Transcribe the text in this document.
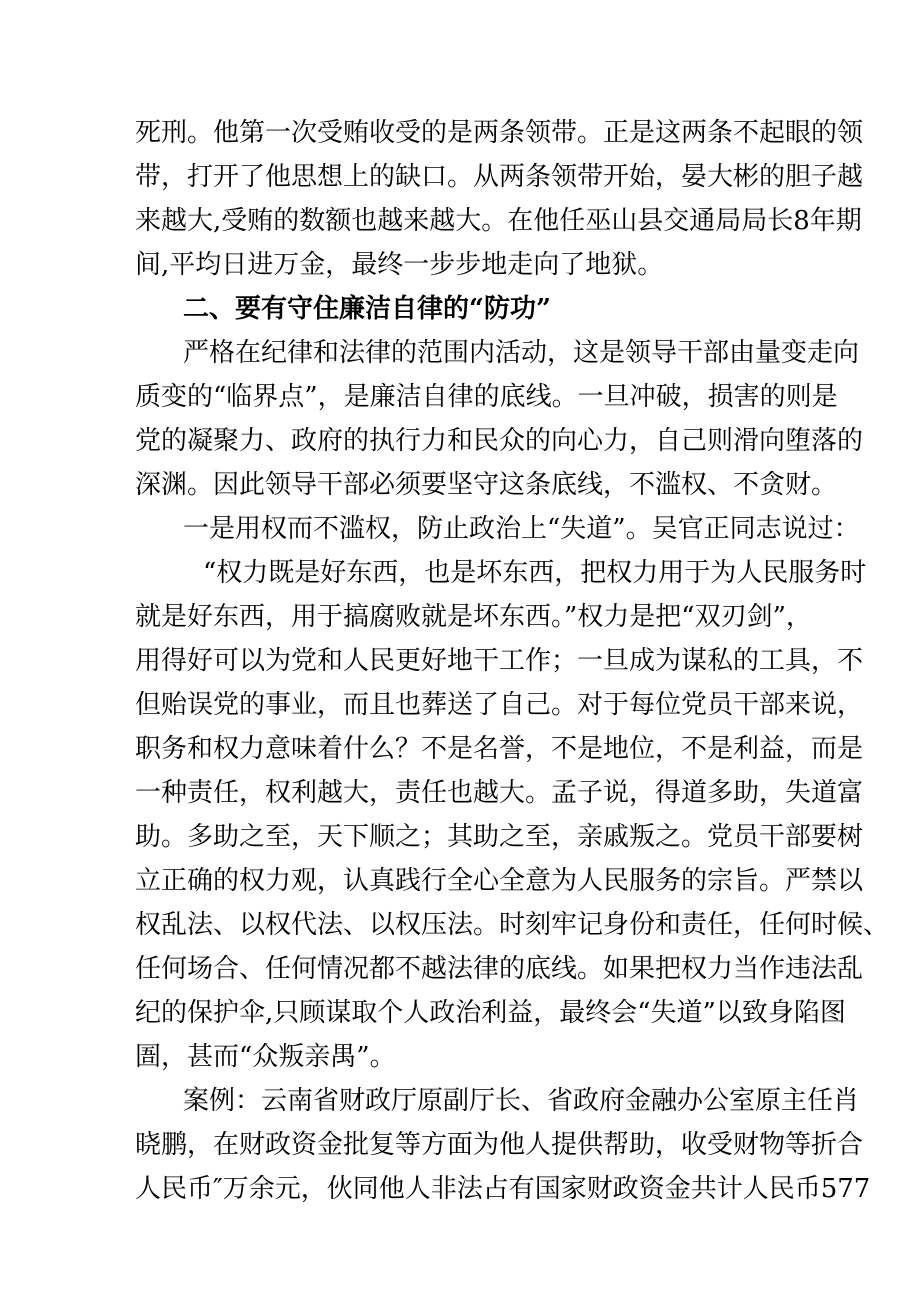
死刑。他第一次受贿收受的是两条领带。正是这两条不起眼的领
带，打开了他思想上的缺口。从两条领带开始，晏大彬的胆子越
来越大,受贿的数额也越来越大。在他任巫山县交通局局长8年期
间,平均日进万金，最终一步步地走向了地狱。
二、要有守住廉洁自律的“防功”
严格在纪律和法律的范围内活动，这是领导干部由量变走向
质变的“临界点”，是廉洁自律的底线。一旦冲破，损害的则是
党的凝聚力、政府的执行力和民众的向心力，自己则滑向堕落的
深渊。因此领导干部必须要坚守这条底线，不滥权、不贪财。
一是用权而不滥权，防止政治上“失道”。吴官正同志说过：
“权力既是好东西，也是坏东西，把权力用于为人民服务时
就是好东西，用于搞腐败就是坏东西。”权力是把“双刃剑”，
用得好可以为党和人民更好地干工作；一旦成为谋私的工具，不
但贻误党的事业，而且也葬送了自己。对于每位党员干部来说，
职务和权力意味着什么？不是名誉，不是地位，不是利益，而是
一种责任，权利越大，责任也越大。孟子说，得道多助，失道富
助。多助之至，天下顺之；其助之至，亲戚叛之。党员干部要树
立正确的权力观，认真践行全心全意为人民服务的宗旨。严禁以
权乱法、以权代法、以权压法。时刻牢记身份和责任，任何时候、
任何场合、任何情况都不越法律的底线。如果把权力当作违法乱
纪的保护伞,只顾谋取个人政治利益，最终会“失道”以致身陷图
圄，甚而“众叛亲禺”。
案例：云南省财政厅原副厅长、省政府金融办公室原主任肖
晓鹏，在财政资金批复等方面为他人提供帮助，收受财物等折合
人民币″万余元，伙同他人非法占有国家财政资金共计人民币577
